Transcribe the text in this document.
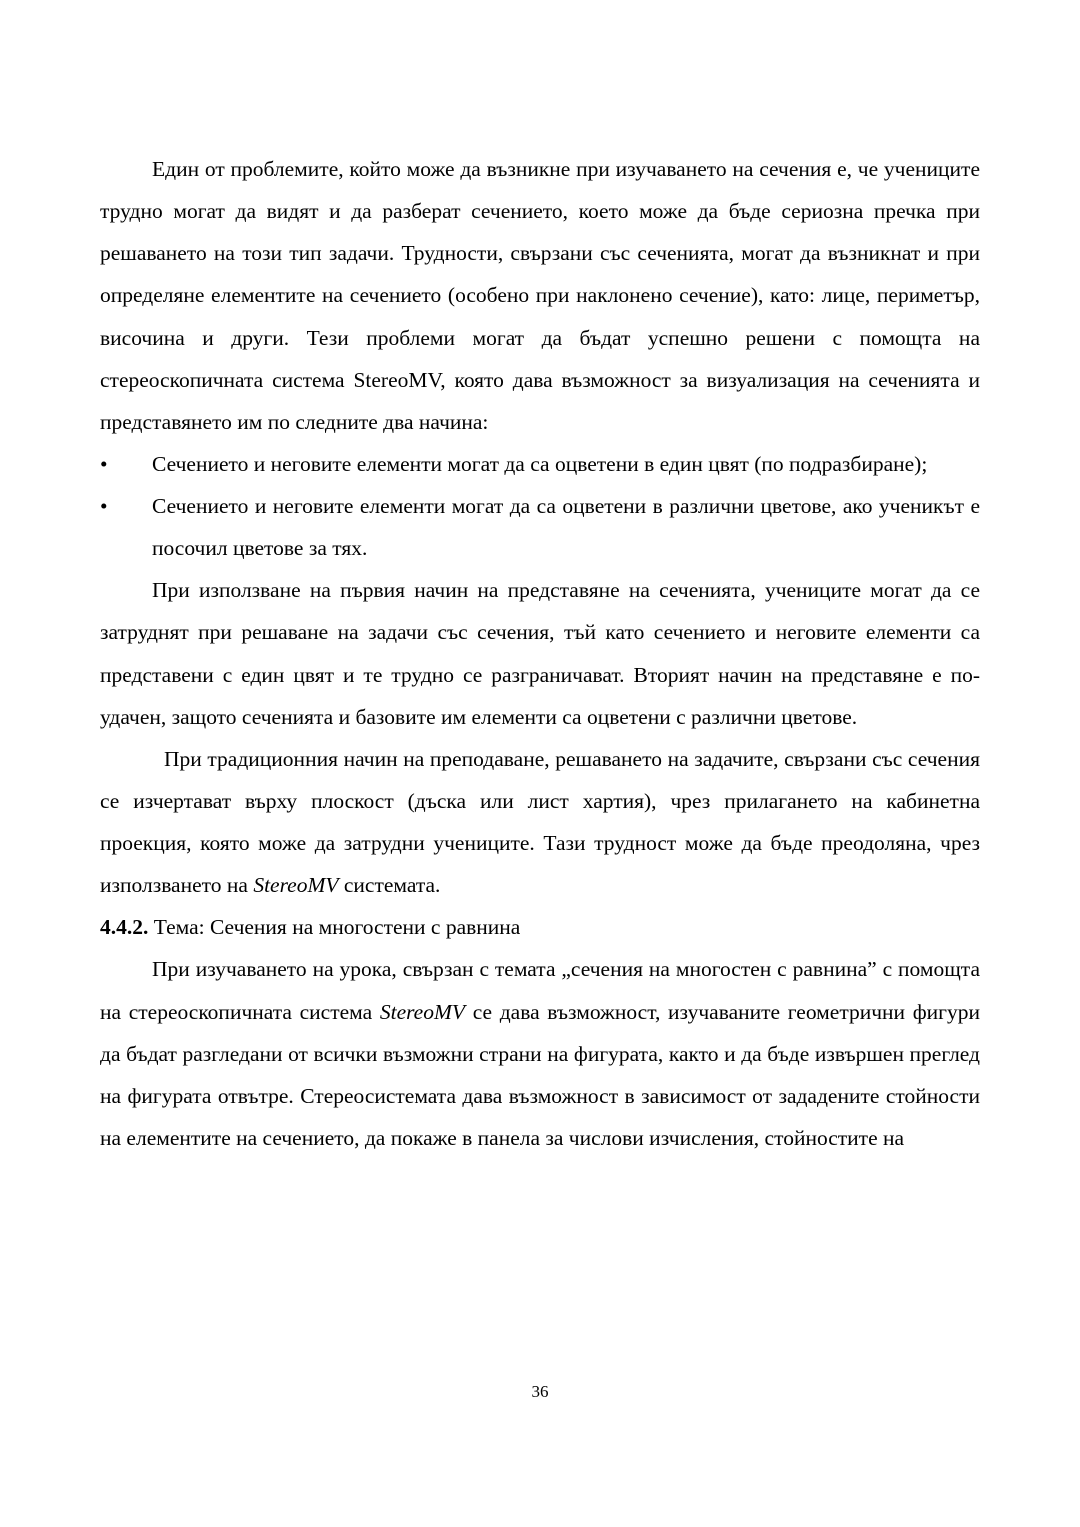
Един от проблемите, който може да възникне при изучаването на сечения е, че учениците трудно могат да видят и да разберат сечението, което може да бъде сериозна пречка при решаването на този тип задачи. Трудности, свързани със сеченията, могат да възникнат и при определяне елементите на сечението (особено при наклонено сечение), като: лице, периметър, височина и други. Тези проблеми могат да бъдат успешно решени с помощта на стереоскопичната система StereoMV, която дава възможност за визуализация на сеченията и представянето им по следните два начина:

• Сечението и неговите елементи могат да са оцветени в един цвят (по подразбиране);
• Сечението и неговите елементи могат да са оцветени в различни цветове, ако ученикът е посочил цветове за тях.

При използване на първия начин на представяне на сеченията, учениците могат да се затруднят при решаване на задачи със сечения, тъй като сечението и неговите елементи са представени с един цвят и те трудно се разграничават. Вторият начин на представяне е по-удачен, защото сеченията и базовите им елементи са оцветени с различни цветове.

При традиционния начин на преподаване, решаването на задачите, свързани със сечения се изчертават върху плоскост (дъска или лист хартия), чрез прилагането на кабинетна проекция, която може да затрудни учениците. Тази трудност може да бъде преодоляна, чрез използването на StereoMV системата.

4.4.2. Тема: Сечения на многостени с равнина

При изучаването на урока, свързан с темата „сечения на многостен с равнина” с помощта на стереоскопичната система StereoMV се дава възможност, изучаваните геометрични фигури да бъдат разгледани от всички възможни страни на фигурата, както и да бъде извършен преглед на фигурата отвътре. Стереосистемата дава възможност в зависимост от зададените стойности на елементите на сечението, да покаже в панела за числови изчисления, стойностите на

36
